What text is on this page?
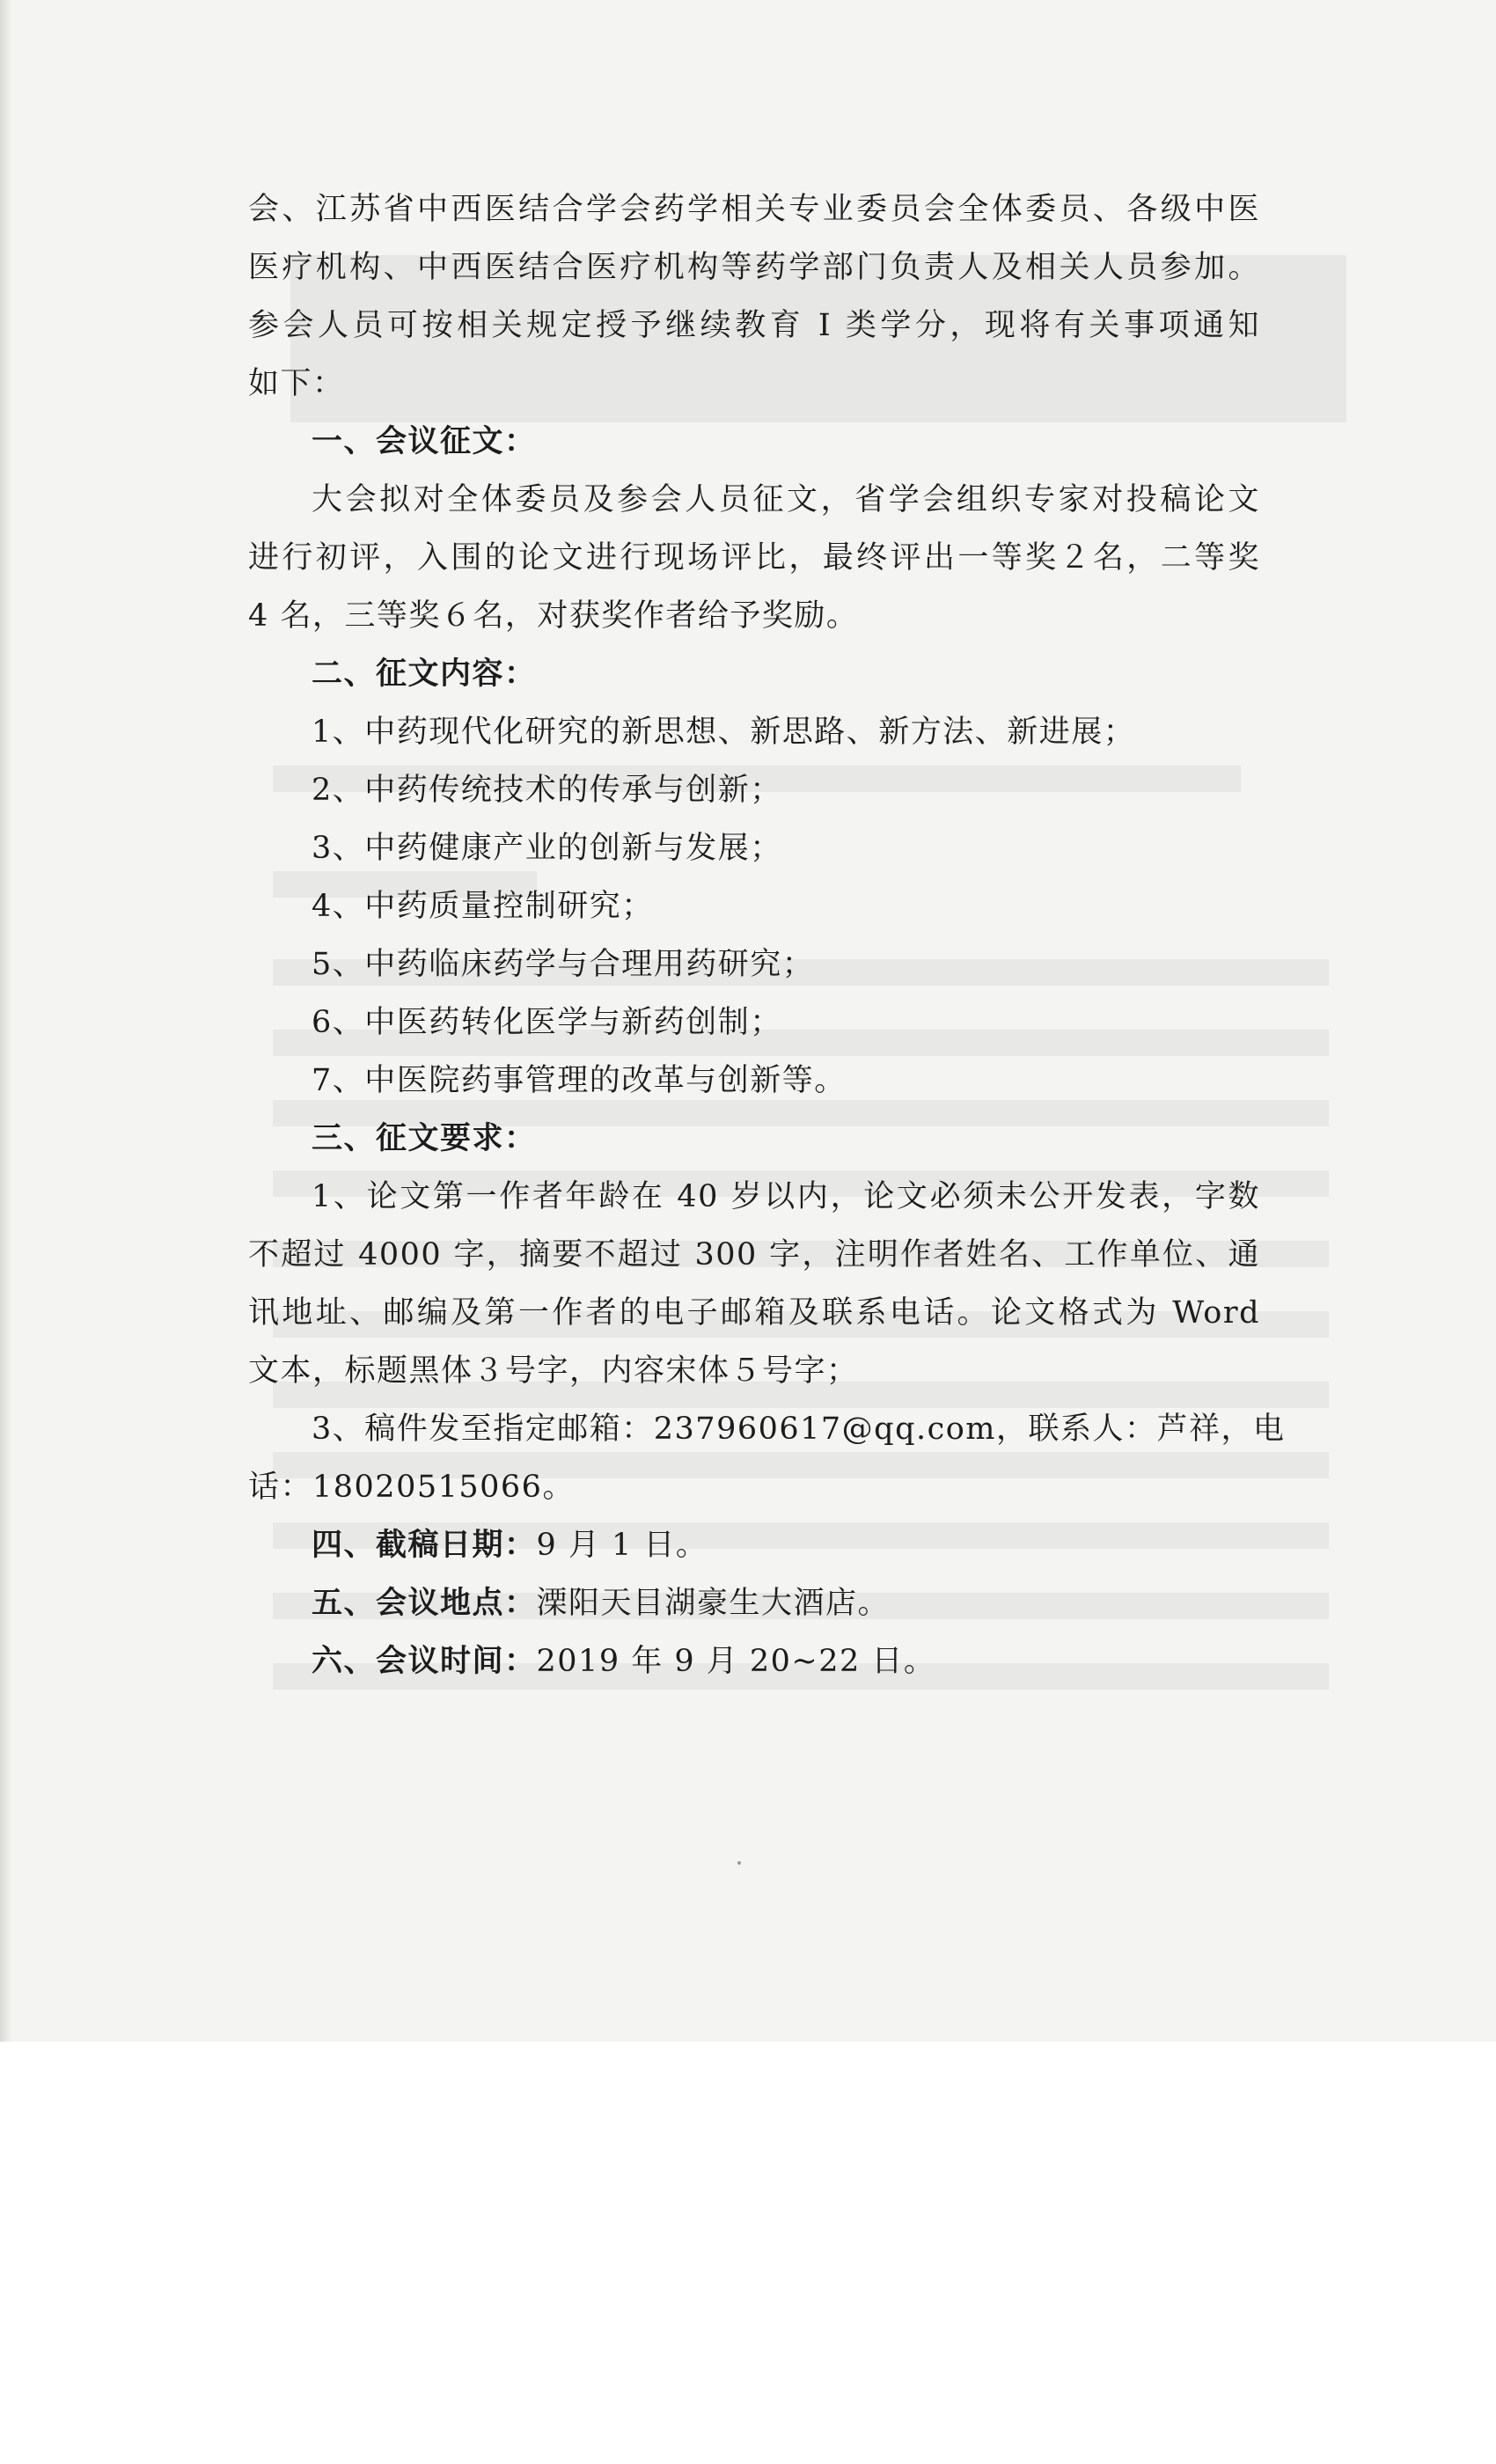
会、江苏省中西医结合学会药学相关专业委员会全体委员、各级中医
医疗机构、中西医结合医疗机构等药学部门负责人及相关人员参加。
参会人员可按相关规定授予继续教育 I 类学分，现将有关事项通知
如下：
一、会议征文：
大会拟对全体委员及参会人员征文，省学会组织专家对投稿论文
进行初评，入围的论文进行现场评比，最终评出一等奖２名，二等奖
4 名，三等奖６名，对获奖作者给予奖励。
二、征文内容：
1、中药现代化研究的新思想、新思路、新方法、新进展；
2、中药传统技术的传承与创新；
3、中药健康产业的创新与发展；
4、中药质量控制研究；
5、中药临床药学与合理用药研究；
6、中医药转化医学与新药创制；
7、中医院药事管理的改革与创新等。
三、征文要求：
1、论文第一作者年龄在 40 岁以内，论文必须未公开发表，字数
不超过 4000 字，摘要不超过 300 字，注明作者姓名、工作单位、通
讯地址、邮编及第一作者的电子邮箱及联系电话。论文格式为 Word
文本，标题黑体３号字，内容宋体５号字；
3、稿件发至指定邮箱：237960617@qq.com，联系人：芦祥，电
话：18020515066。
四、截稿日期：9 月 1 日。
五、会议地点：溧阳天目湖豪生大酒店。
六、会议时间：2019 年 9 月 20~22 日。
